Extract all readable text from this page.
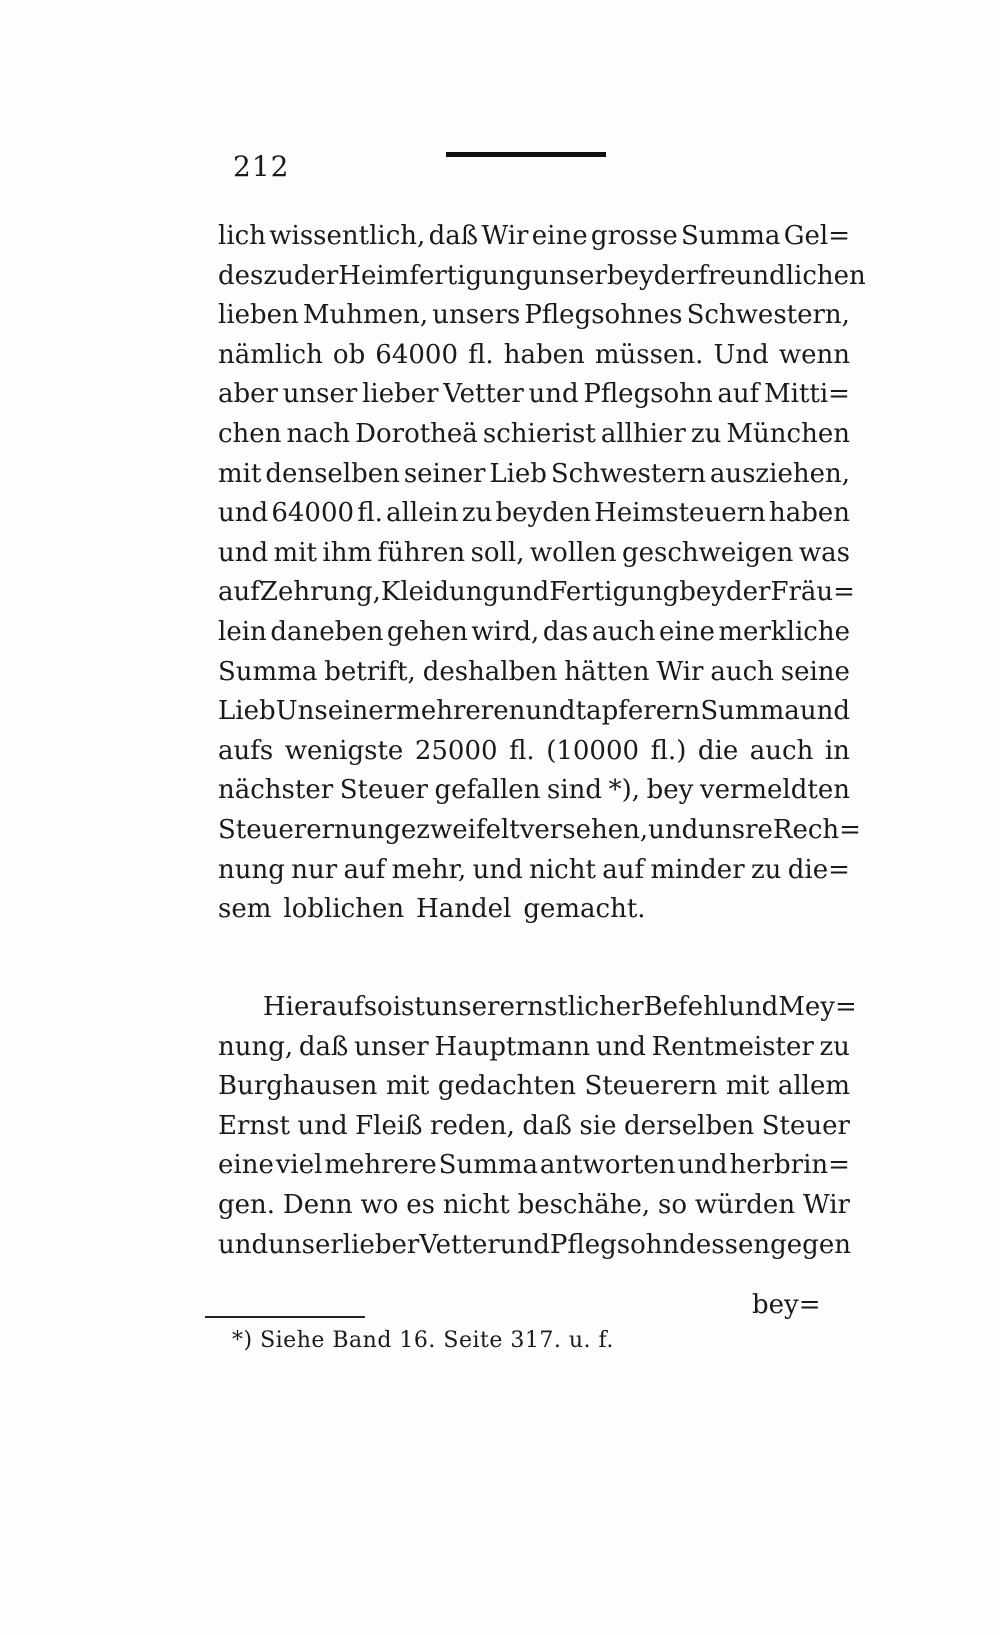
212
lich wissentlich, daß Wir eine grosse Summa Gel=
des zu der Heimfertigung unser beyder freundlichen
lieben Muhmen, unsers Pflegsohnes Schwestern,
nämlich ob 64000 fl. haben müssen. Und wenn
aber unser lieber Vetter und Pflegsohn auf Mitti=
chen nach Dorotheä schierist allhier zu München
mit denselben seiner Lieb Schwestern ausziehen,
und 64000 fl. allein zu beyden Heimsteuern haben
und mit ihm führen soll, wollen geschweigen was
auf Zehrung, Kleidung und Fertigung beyder Fräu=
lein daneben gehen wird, das auch eine merkliche
Summa betrift, deshalben hätten Wir auch seine
Lieb Uns einer mehreren und tapferern Summa und
aufs wenigste 25000 fl. (10000 fl.) die auch in
nächster Steuer gefallen sind *), bey vermeldten
Steuerern ungezweifelt versehen, und unsre Rech=
nung nur auf mehr, und nicht auf minder zu die=
sem loblichen Handel gemacht.
Hierauf so ist unser ernstlicher Befehl und Mey=
nung, daß unser Hauptmann und Rentmeister zu
Burghausen mit gedachten Steuerern mit allem
Ernst und Fleiß reden, daß sie derselben Steuer
eine viel mehrere Summa antworten und herbrin=
gen. Denn wo es nicht beschähe, so würden Wir
und unser lieber Vetter und Pflegsohn dessen gegen
bey=
*) Siehe Band 16. Seite 317. u. f.
